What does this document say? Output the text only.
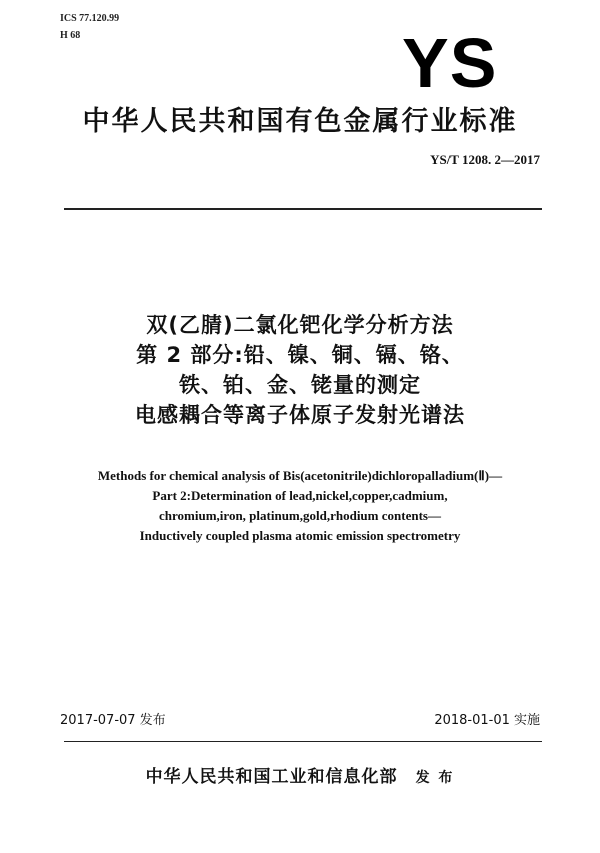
ICS 77.120.99
H 68	YS
中华人民共和国有色金属行业标准
YS/T 1208. 2—2017
双(乙腈)二氯化钯化学分析方法
第 2 部分:铅、镍、铜、镉、铬、
铁、铂、金、铑量的测定
电感耦合等离子体原子发射光谱法
Methods for chemical analysis of Bis(acetonitrile)dichloropalladium(Ⅱ)—
Part 2:Determination of lead,nickel,copper,cadmium,
chromium,iron, platinum,gold,rhodium contents—
Inductively coupled plasma atomic emission spectrometry
2017-07-07 发布	2018-01-01 实施
中华人民共和国工业和信息化部 发 布
